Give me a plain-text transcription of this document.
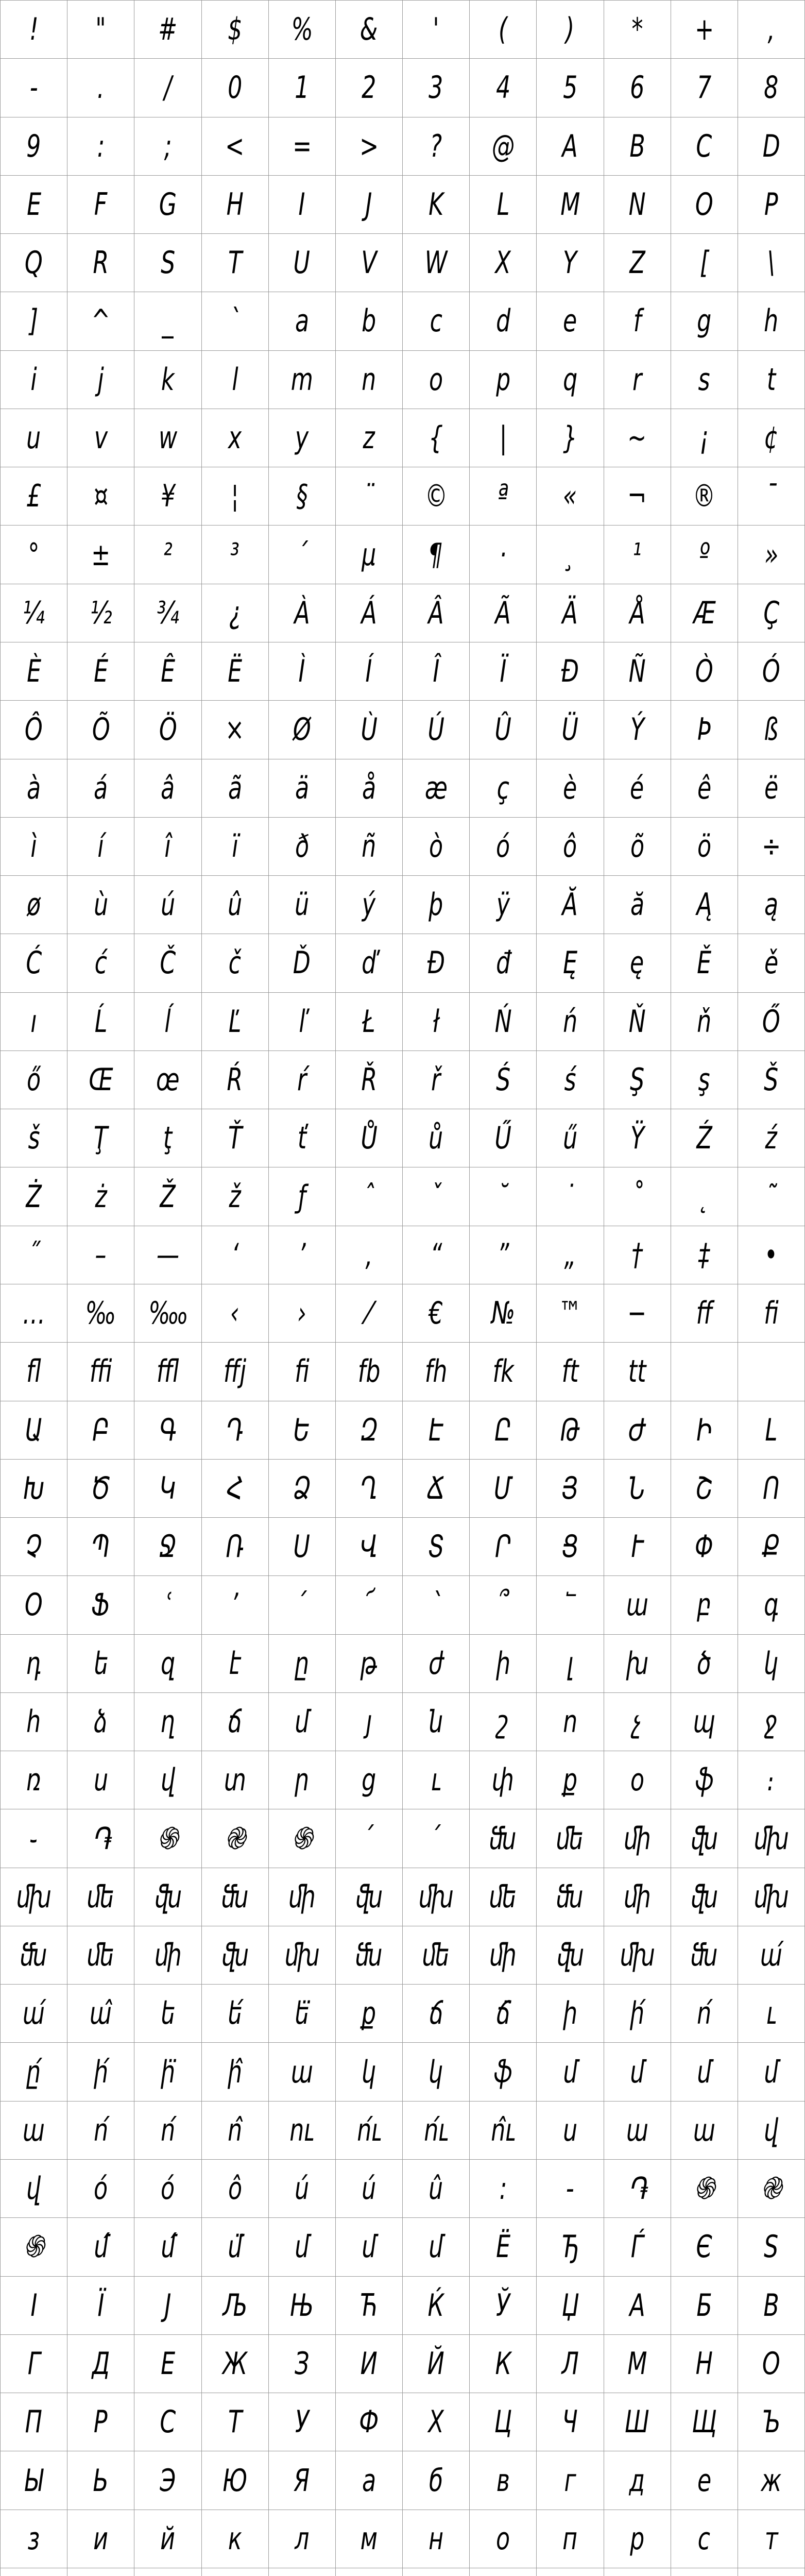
! " # $ % & ' ( ) * + ,
- . / 0 1 2 3 4 5 6 7 8
9 : ; < = > ? @ A B C D
E F G H I J K L M N O P
Q R S T U V W X Y Z [ \
] ^ _ ` a b c d e f g h
i j k l m n o p q r s t
u v w x y z { | } ~ ¡ ¢
£ ¤ ¥ ¦ § ¨ © ª « ¬ ® ¯
° ± ² ³ ´ µ ¶ · ¸ ¹ º »
¼ ½ ¾ ¿ À Á Â Ã Ä Å Æ Ç
È É Ê Ë Ì Í Î Ï Ð Ñ Ò Ó
Ô Õ Ö × Ø Ù Ú Û Ü Ý Þ ß
à á â ã ä å æ ç è é ê ë
ì í î ï ð ñ ò ó ô õ ö ÷
ø ù ú û ü ý þ ÿ Ă ă Ą ą
Ć ć Č č Ď ď Đ đ Ę ę Ě ě
ı Ĺ ĺ Ľ ľ Ł ł Ń ń Ň ň Ő
ő Œ œ Ŕ ŕ Ř ř Ś ś Ş ş Š
š Ţ ţ Ť ť Ů ů Ű ű Ÿ Ź ź
Ż ż Ž ž ƒ ˆ ˇ ˘ ˙ ˚ ˛ ˜
˝ – — ‘ ’ ‚ “ ” „ † ‡ •
… ‰ ‱ ‹ › ⁄ € № ™ − ﬀ ﬁ
ﬂ ﬃ ﬄ ﬀj ﬁ fb fh fk ft tt
Ա Բ Գ Դ Ե Զ Է Ը Թ Ժ Ի Լ
Խ Ծ Կ Հ Ձ Ղ Ճ Մ Յ Ն Շ Ո
Չ Պ Ջ Ռ Ս Վ Տ Ր Ց Ւ Փ Ք
Օ Ֆ ՙ ՚ ՛ ՜ ՝ ՞ ՟ ա բ գ
դ ե զ է ը թ ժ ի լ խ ծ կ
հ ձ ղ ճ մ յ ն շ ո չ պ ջ
ռ ս վ տ ր ց ւ փ ք օ ֆ ։
֊ ֏ ֍ ֎ ֍ ՛ ՛ ﬓ ﬔ ﬕ ﬖ ﬗ
ﬗ ﬔ ﬖ ﬓ ﬕ ﬖ ﬗ ﬔ ﬓ ﬕ ﬖ ﬗ
ﬓ ﬔ ﬕ ﬖ ﬗ ﬓ ﬔ ﬕ ﬖ ﬗ ﬓ ա́
ա́ ա̂ ե ե́ ե̈ ք ճ ճ̈ ի ի́ ո́ ւ
ը́ ի́ ի̈ ի̂ ա կ կ ֆ մ մ մ մ
ա ո́ ո́ ո̂ ու ո́ւ ո́ւ ո̂ւ ս ա ա վ
վ ó ó ô ú ú û : - ֏ ֍ ֎
֍ մ́ մ́ մ̈ մ մ մ Ë Ђ Ѓ Є S
І Ї J Љ Њ Ћ Ќ Ў Џ А Б В
Г Д Е Ж З И Й К Л М Н О
П Р С Т У Ф Х Ц Ч Ш Щ Ъ
Ы Ь Э Ю Я а б в г д е ж
з и й к л м н о п р с т
